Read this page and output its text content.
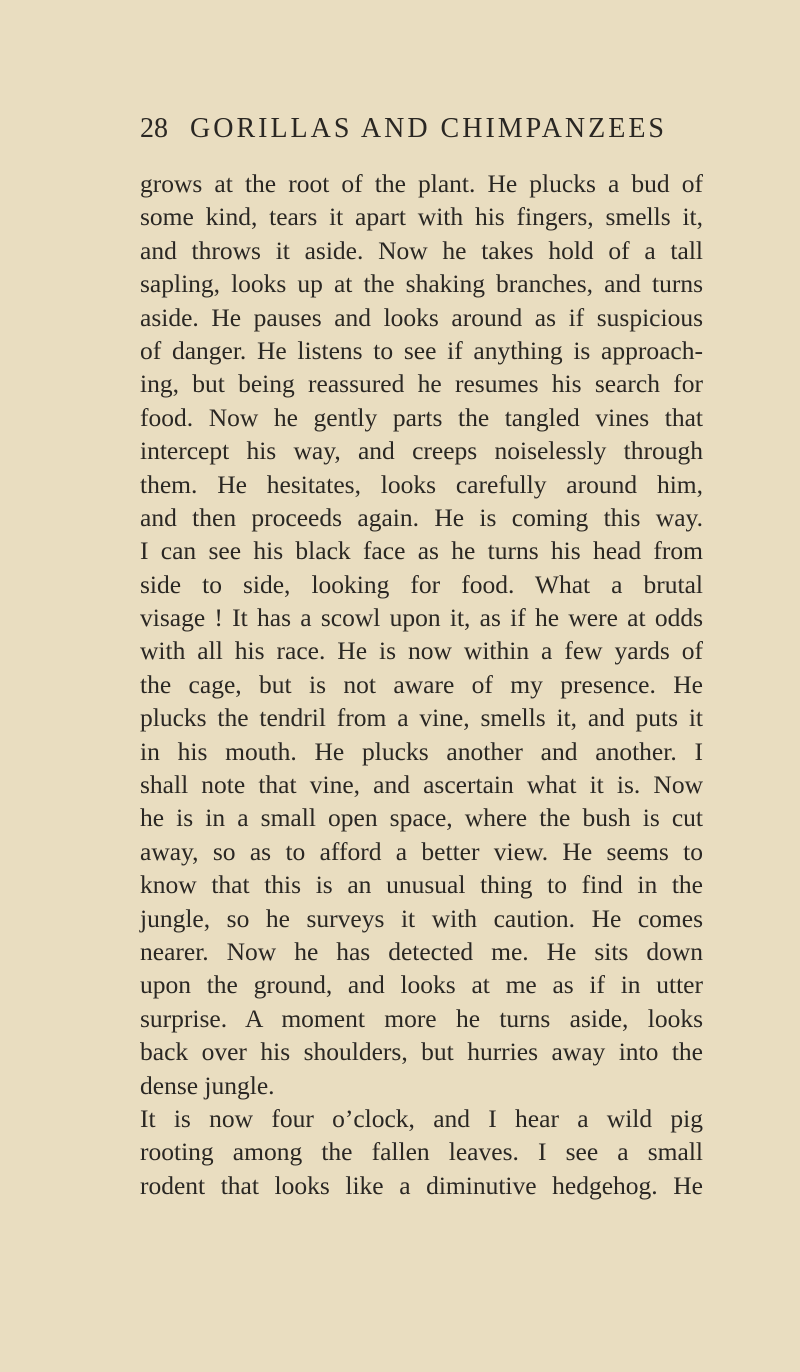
28 GORILLAS AND CHIMPANZEES
grows at the root of the plant. He plucks a bud of
some kind, tears it apart with his fingers, smells it,
and throws it aside. Now he takes hold of a tall
sapling, looks up at the shaking branches, and turns
aside. He pauses and looks around as if suspicious
of danger. He listens to see if anything is approach-
ing, but being reassured he resumes his search for
food. Now he gently parts the tangled vines that
intercept his way, and creeps noiselessly through
them. He hesitates, looks carefully around him,
and then proceeds again. He is coming this way.
I can see his black face as he turns his head from
side to side, looking for food. What a brutal
visage ! It has a scowl upon it, as if he were at odds
with all his race. He is now within a few yards of
the cage, but is not aware of my presence. He
plucks the tendril from a vine, smells it, and puts it
in his mouth. He plucks another and another. I
shall note that vine, and ascertain what it is. Now
he is in a small open space, where the bush is cut
away, so as to afford a better view. He seems to
know that this is an unusual thing to find in the
jungle, so he surveys it with caution. He comes
nearer. Now he has detected me. He sits down
upon the ground, and looks at me as if in utter
surprise. A moment more he turns aside, looks
back over his shoulders, but hurries away into the
dense jungle.
It is now four o’clock, and I hear a wild pig
rooting among the fallen leaves. I see a small
rodent that looks like a diminutive hedgehog. He
